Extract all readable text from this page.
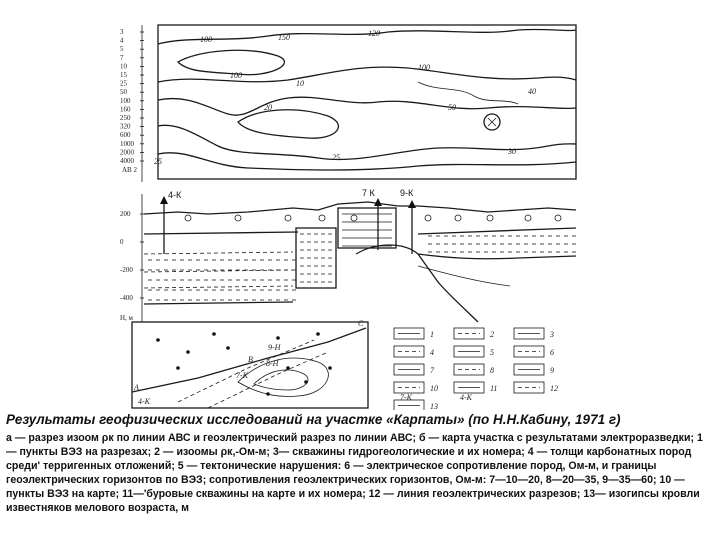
3
4
5
7
10
15
25
50
100
160
250
320
600
1000
2000
4000
AB 2
100	150	120
100
10
100
20	50
40
25	25
30
Н, м
200
0
-200
-400
4-К	7 К	9-К
A
B
C
9-Н
8-Н
7-К
4-К
1	2	3
4	5	6
7	8	9
10	11	12
13
7-К	4-К

Результаты геофизических исследований на участке «Карпаты» (по Н.Н.Кабину, 1971 г)

а — разрез изоом ρк по линии АВС и геоэлектрический разрез по линии АВС; б — карта участка с результатами электроразведки; 1 — пункты ВЭЗ на разрезах; 2 — изоомы ρк,-Ом-м; 3— скважины гидрогеологические и их номера; 4 — толщи карбонатных пород среди' терригенных отложений; 5 — тектонические нарушения: 6 — электрическое сопротивление пород, Ом-м, и границы геоэлектрических горизонтов по ВЭЗ; сопротивления геоэлектрических горизонтов, Ом-м: 7—10—20, 8—20—35, 9—35—60; 10 — пункты ВЭЗ на карте; 11—'буровые скважины на карте и их номера; 12 — линия геоэлектрических разрезов; 13— изогипсы кровли известняков мелового возраста, м
